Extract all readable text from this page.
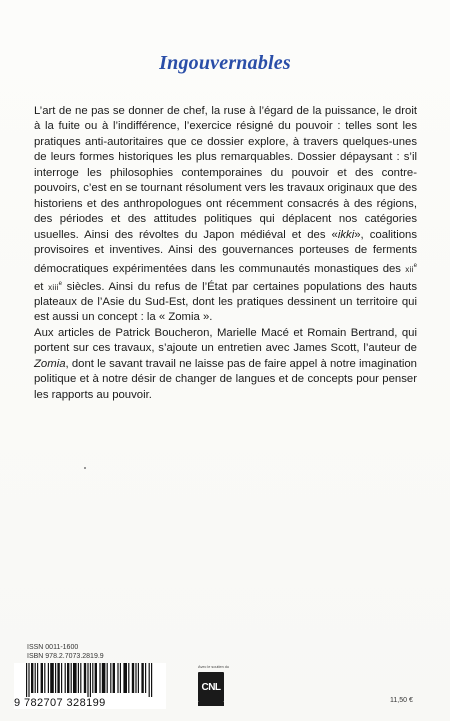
Ingouvernables

L’art de ne pas se donner de chef, la ruse à l’égard de la puissance, le droit à la fuite ou à l’indifférence, l’exercice résigné du pouvoir : telles sont les pratiques anti-autoritaires que ce dossier explore, à travers quelques-unes de leurs formes historiques les plus remarquables. Dossier dépaysant : s’il interroge les philosophies contemporaines du pouvoir et des contre-pouvoirs, c’est en se tournant résolument vers les travaux originaux que des historiens et des anthropologues ont récemment consacrés à des régions, des périodes et des attitudes politiques qui déplacent nos catégories usuelles. Ainsi des révoltes du Japon médiéval et des «ikki», coalitions provisoires et inventives. Ainsi des gouvernances porteuses de ferments démocratiques expérimentées dans les communautés monastiques des xii$^e$ et xiii$^e$ siècles. Ainsi du refus de l’État par certaines populations des hauts plateaux de l’Asie du Sud-Est, dont les pratiques dessinent un territoire qui est aussi un concept : la « Zomia ».

Aux articles de Patrick Boucheron, Marielle Macé et Romain Bertrand, qui portent sur ces travaux, s’ajoute un entretien avec James Scott, l’auteur de Zomia, dont le savant travail ne laisse pas de faire appel à notre imagination politique et à notre désir de changer de langues et de concepts pour penser les rapports au pouvoir.

ISSN 0011-1600
ISBN 978.2.7073.2819.9
9 782707 328199
Avec le soutien du
CNL
11,50 €
